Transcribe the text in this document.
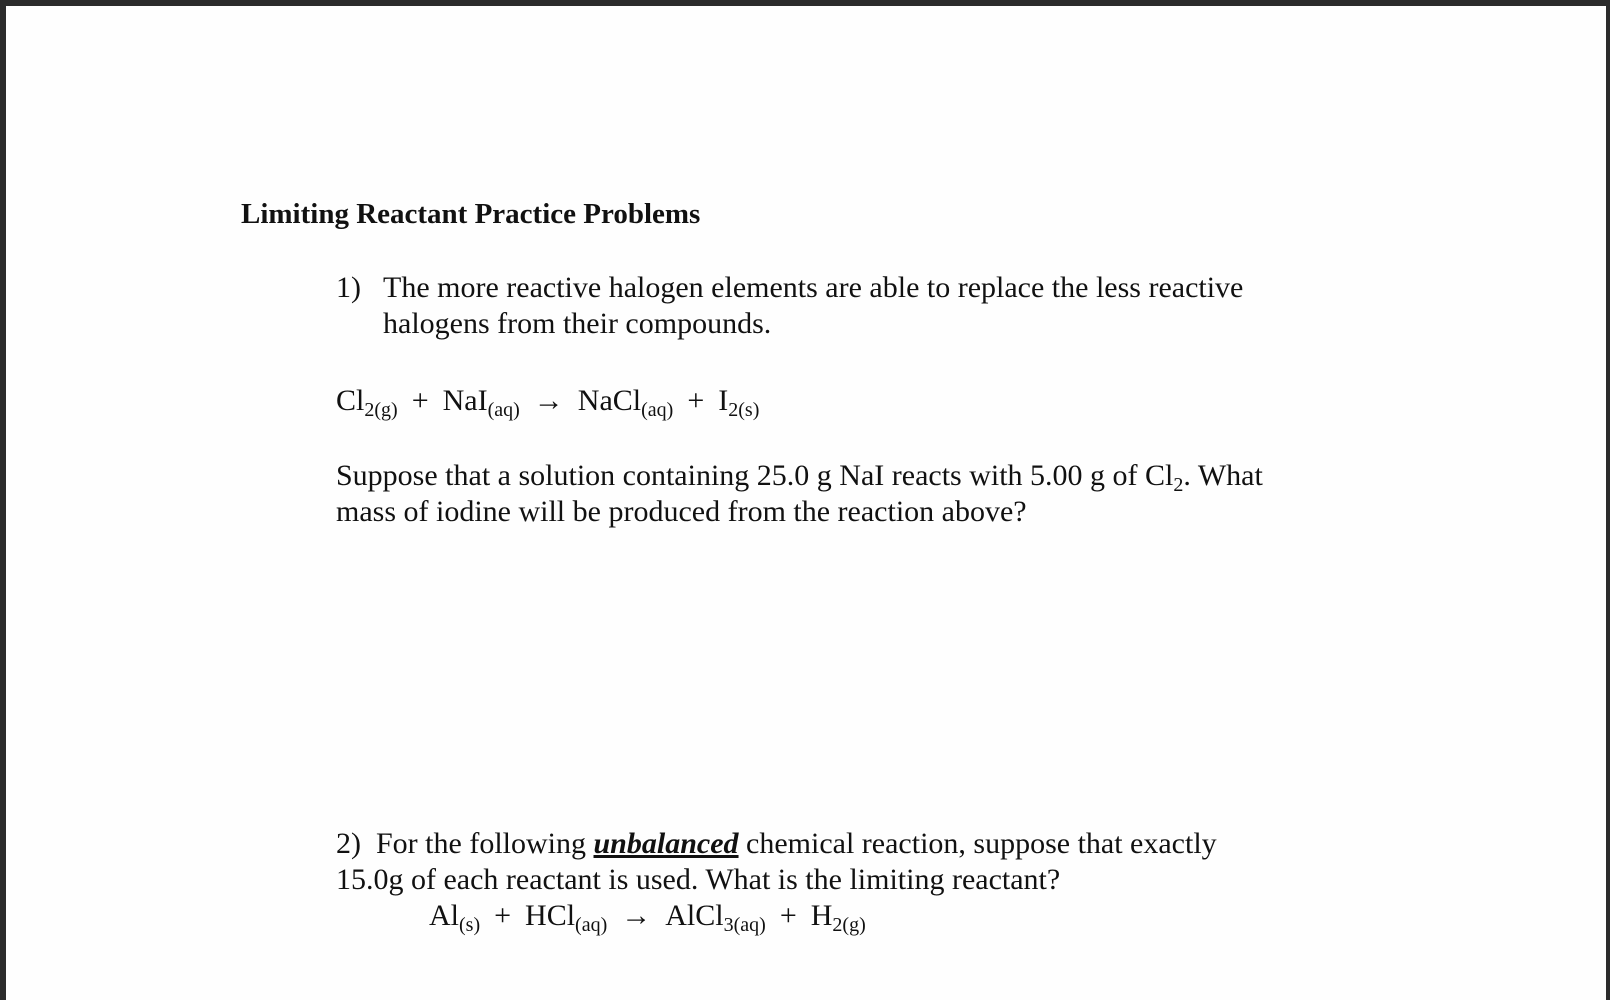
Limiting Reactant Practice Problems
1) The more reactive halogen elements are able to replace the less reactive
halogens from their compounds.
$Cl_{2(g)} + NaI_{(aq)}$ → NaCl$_{(aq)}$ + $I_{2(s)}$
Suppose that a solution containing 25.0 g NaI reacts with 5.00 g of $Cl_2$. What
mass of iodine will be produced from the reaction above?
2) For the following unbalanced chemical reaction, suppose that exactly
15.0g of each reactant is used. What is the limiting reactant?
$Al_{(s)} + HCl_{(aq)}$ → AlCl$_{3(aq)}$ + $H_{2(g)}$
